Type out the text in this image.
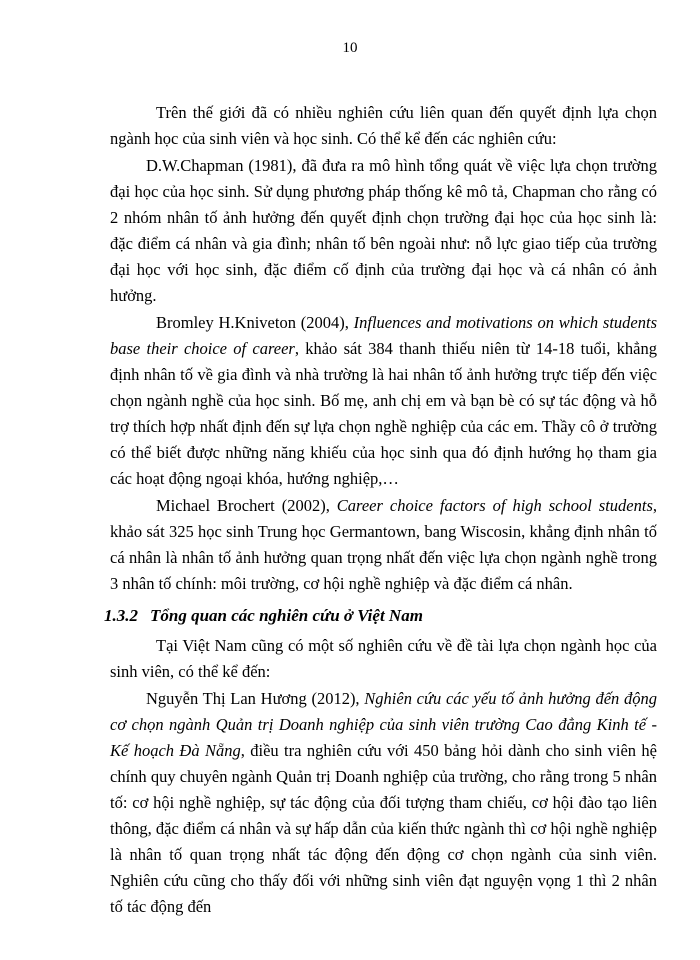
10

Trên thế giới đã có nhiều nghiên cứu liên quan đến quyết định lựa chọn ngành học của sinh viên và học sinh. Có thể kể đến các nghiên cứu:

D.W.Chapman (1981), đã đưa ra mô hình tổng quát về việc lựa chọn trường đại học của học sinh. Sử dụng phương pháp thống kê mô tả, Chapman cho rằng có 2 nhóm nhân tố ảnh hưởng đến quyết định chọn trường đại học của học sinh là: đặc điểm cá nhân và gia đình; nhân tố bên ngoài như: nỗ lực giao tiếp của trường đại học với học sinh, đặc điểm cố định của trường đại học và cá nhân có ảnh hưởng.

Bromley H.Kniveton (2004), Influences and motivations on which students base their choice of career, khảo sát 384 thanh thiếu niên từ 14-18 tuổi, khẳng định nhân tố về gia đình và nhà trường là hai nhân tố ảnh hưởng trực tiếp đến việc chọn ngành nghề của học sinh. Bố mẹ, anh chị em và bạn bè có sự tác động và hỗ trợ thích hợp nhất định đến sự lựa chọn nghề nghiệp của các em. Thầy cô ở trường có thể biết được những năng khiếu của học sinh qua đó định hướng họ tham gia các hoạt động ngoại khóa, hướng nghiệp,…

Michael Brochert (2002), Career choice factors of high school students, khảo sát 325 học sinh Trung học Germantown, bang Wiscosin, khẳng định nhân tố cá nhân là nhân tố ảnh hưởng quan trọng nhất đến việc lựa chọn ngành nghề trong 3 nhân tố chính: môi trường, cơ hội nghề nghiệp và đặc điểm cá nhân.

1.3.2 Tổng quan các nghiên cứu ở Việt Nam

Tại Việt Nam cũng có một số nghiên cứu về đề tài lựa chọn ngành học của sinh viên, có thể kể đến:

Nguyễn Thị Lan Hương (2012), Nghiên cứu các yếu tố ảnh hưởng đến động cơ chọn ngành Quản trị Doanh nghiệp của sinh viên trường Cao đẳng Kinh tế - Kế hoạch Đà Nẵng, điều tra nghiên cứu với 450 bảng hỏi dành cho sinh viên hệ chính quy chuyên ngành Quản trị Doanh nghiệp của trường, cho rằng trong 5 nhân tố: cơ hội nghề nghiệp, sự tác động của đối tượng tham chiếu, cơ hội đào tạo liên thông, đặc điểm cá nhân và sự hấp dẫn của kiến thức ngành thì cơ hội nghề nghiệp là nhân tố quan trọng nhất tác động đến động cơ chọn ngành của sinh viên. Nghiên cứu cũng cho thấy đối với những sinh viên đạt nguyện vọng 1 thì 2 nhân tố tác động đến
